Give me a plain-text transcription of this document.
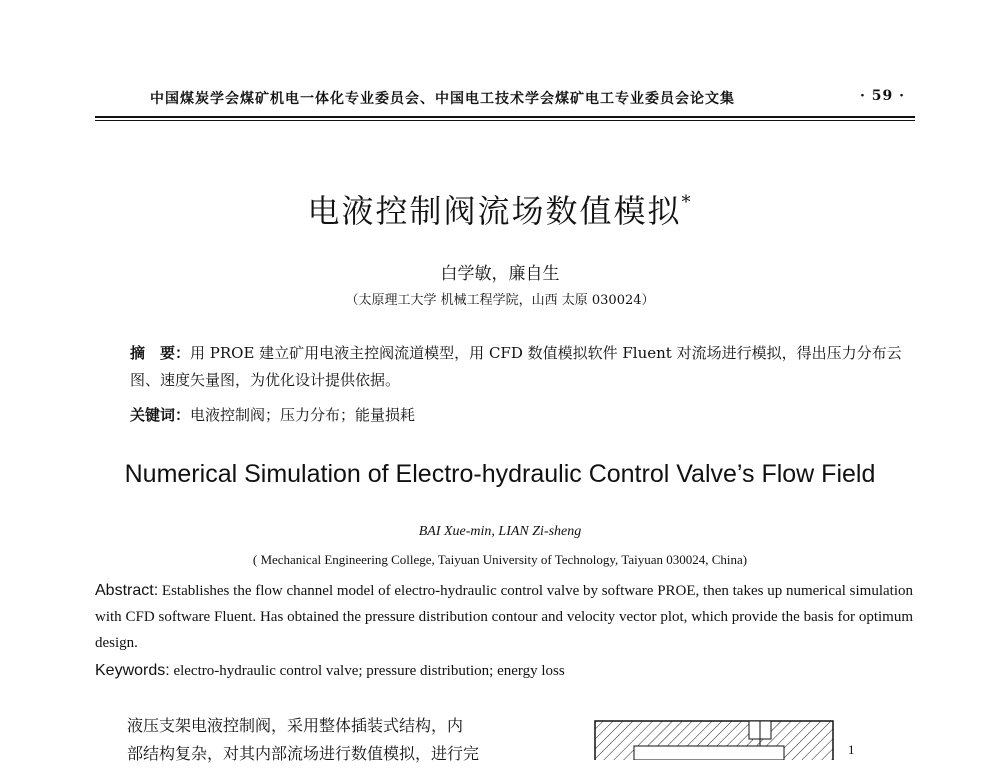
中国煤炭学会煤矿机电一体化专业委员会、中国电工技术学会煤矿电工专业委员会论文集	· 59 ·
电液控制阀流场数值模拟*
白学敏，廉自生
（太原理工大学 机械工程学院，山西 太原 030024）
摘　要：用 PROE 建立矿用电液主控阀流道模型，用 CFD 数值模拟软件 Fluent 对流场进行模拟，得出压力分布云图、速度矢量图，为优化设计提供依据。
关键词：电液控制阀；压力分布；能量损耗
Numerical Simulation of Electro-hydraulic Control Valve’s Flow Field
BAI Xue-min, LIAN Zi-sheng
( Mechanical Engineering College, Taiyuan University of Technology, Taiyuan 030024, China)
Abstract: Establishes the flow channel model of electro-hydraulic control valve by software PROE, then takes up numerical simulation with CFD software Fluent. Has obtained the pressure distribution contour and velocity vector plot, which provide the basis for optimum design.
Keywords: electro-hydraulic control valve; pressure distribution; energy loss

液压支架电液控制阀，采用整体插装式结构，内

部结构复杂，对其内部流场进行数值模拟，进行完	1
